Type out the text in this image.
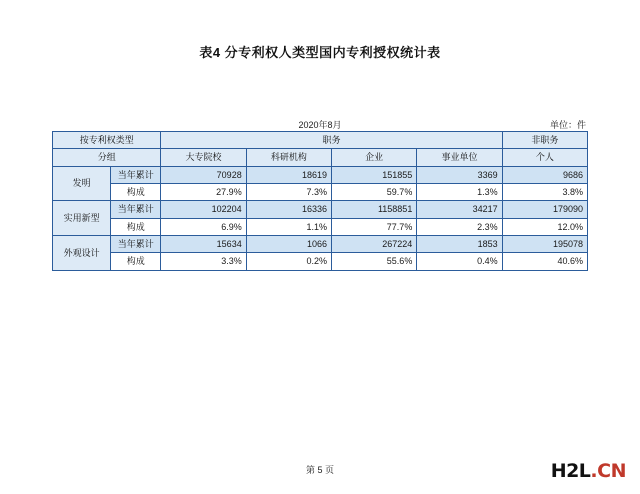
表4 分专利权人类型国内专利授权统计表
2020年8月	单位：件
按专利权类型		职务				非职务
分组		大专院校	科研机构	企业	事业单位	个人
发明	当年累计	70928	18619	151855	3369	9686
	构成	27.9%	7.3%	59.7%	1.3%	3.8%
实用新型	当年累计	102204	16336	1158851	34217	179090
	构成	6.9%	1.1%	77.7%	2.3%	12.0%
外观设计	当年累计	15634	1066	267224	1853	195078
	构成	3.3%	0.2%	55.6%	0.4%	40.6%
第 5 页	H2L.CN
